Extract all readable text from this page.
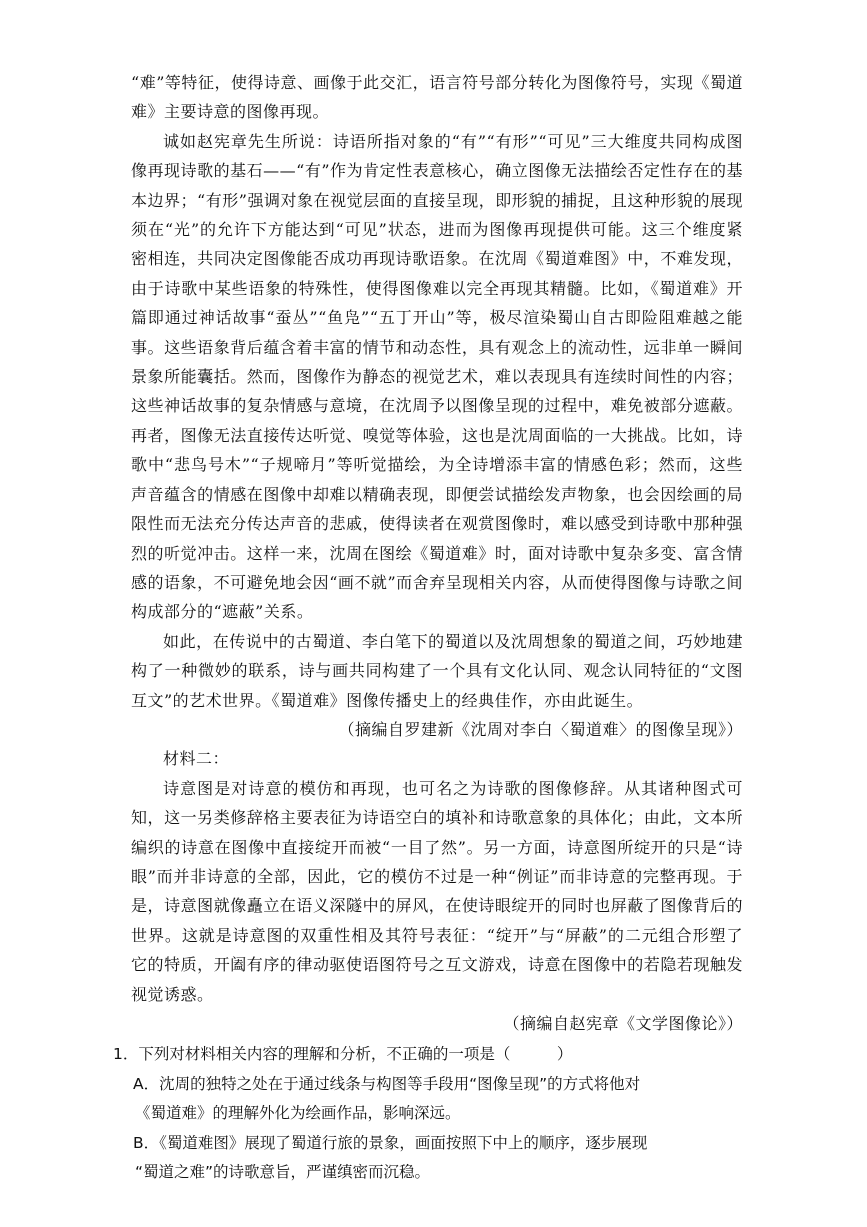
“难”等特征，使得诗意、画像于此交汇，语言符号部分转化为图像符号，实现《蜀道难》主要诗意的图像再现。

诚如赵宪章先生所说：诗语所指对象的“有”“有形”“可见”三大维度共同构成图像再现诗歌的基石——“有”作为肯定性表意核心，确立图像无法描绘否定性存在的基本边界；“有形”强调对象在视觉层面的直接呈现，即形貌的捕捉，且这种形貌的展现须在“光”的允许下方能达到“可见”状态，进而为图像再现提供可能。这三个维度紧密相连，共同决定图像能否成功再现诗歌语象。在沈周《蜀道难图》中，不难发现，由于诗歌中某些语象的特殊性，使得图像难以完全再现其精髓。比如，《蜀道难》开篇即通过神话故事“蚕丛”“鱼凫”“五丁开山”等，极尽渲染蜀山自古即险阻难越之能事。这些语象背后蕴含着丰富的情节和动态性，具有观念上的流动性，远非单一瞬间景象所能囊括。然而，图像作为静态的视觉艺术，难以表现具有连续时间性的内容；这些神话故事的复杂情感与意境，在沈周予以图像呈现的过程中，难免被部分遮蔽。再者，图像无法直接传达听觉、嗅觉等体验，这也是沈周面临的一大挑战。比如，诗歌中“悲鸟号木”“子规啼月”等听觉描绘，为全诗增添丰富的情感色彩；然而，这些声音蕴含的情感在图像中却难以精确表现，即便尝试描绘发声物象，也会因绘画的局限性而无法充分传达声音的悲戚，使得读者在观赏图像时，难以感受到诗歌中那种强烈的听觉冲击。这样一来，沈周在图绘《蜀道难》时，面对诗歌中复杂多变、富含情感的语象，不可避免地会因“画不就”而舍弃呈现相关内容，从而使得图像与诗歌之间构成部分的“遮蔽”关系。

如此，在传说中的古蜀道、李白笔下的蜀道以及沈周想象的蜀道之间，巧妙地建构了一种微妙的联系，诗与画共同构建了一个具有文化认同、观念认同特征的“文图互文”的艺术世界。《蜀道难》图像传播史上的经典佳作，亦由此诞生。

（摘编自罗建新《沈周对李白〈蜀道难〉的图像呈现》）

材料二：

诗意图是对诗意的模仿和再现，也可名之为诗歌的图像修辞。从其诸种图式可知，这一另类修辞格主要表征为诗语空白的填补和诗歌意象的具体化；由此，文本所编织的诗意在图像中直接绽开而被“一目了然”。另一方面，诗意图所绽开的只是“诗眼”而并非诗意的全部，因此，它的模仿不过是一种“例证”而非诗意的完整再现。于是，诗意图就像矗立在语义深隧中的屏风，在使诗眼绽开的同时也屏蔽了图像背后的世界。这就是诗意图的双重性相及其符号表征：“绽开”与“屏蔽”的二元组合形塑了它的特质，开阖有序的律动驱使语图符号之互文游戏，诗意在图像中的若隐若现触发视觉诱惑。

（摘编自赵宪章《文学图像论》）

1．下列对材料相关内容的理解和分析，不正确的一项是（　　　）

A．沈周的独特之处在于通过线条与构图等手段用“图像呈现”的方式将他对

《蜀道难》的理解外化为绘画作品，影响深远。

B．《蜀道难图》展现了蜀道行旅的景象，画面按照下中上的顺序，逐步展现

“蜀道之难”的诗歌意旨，严谨缜密而沉稳。
